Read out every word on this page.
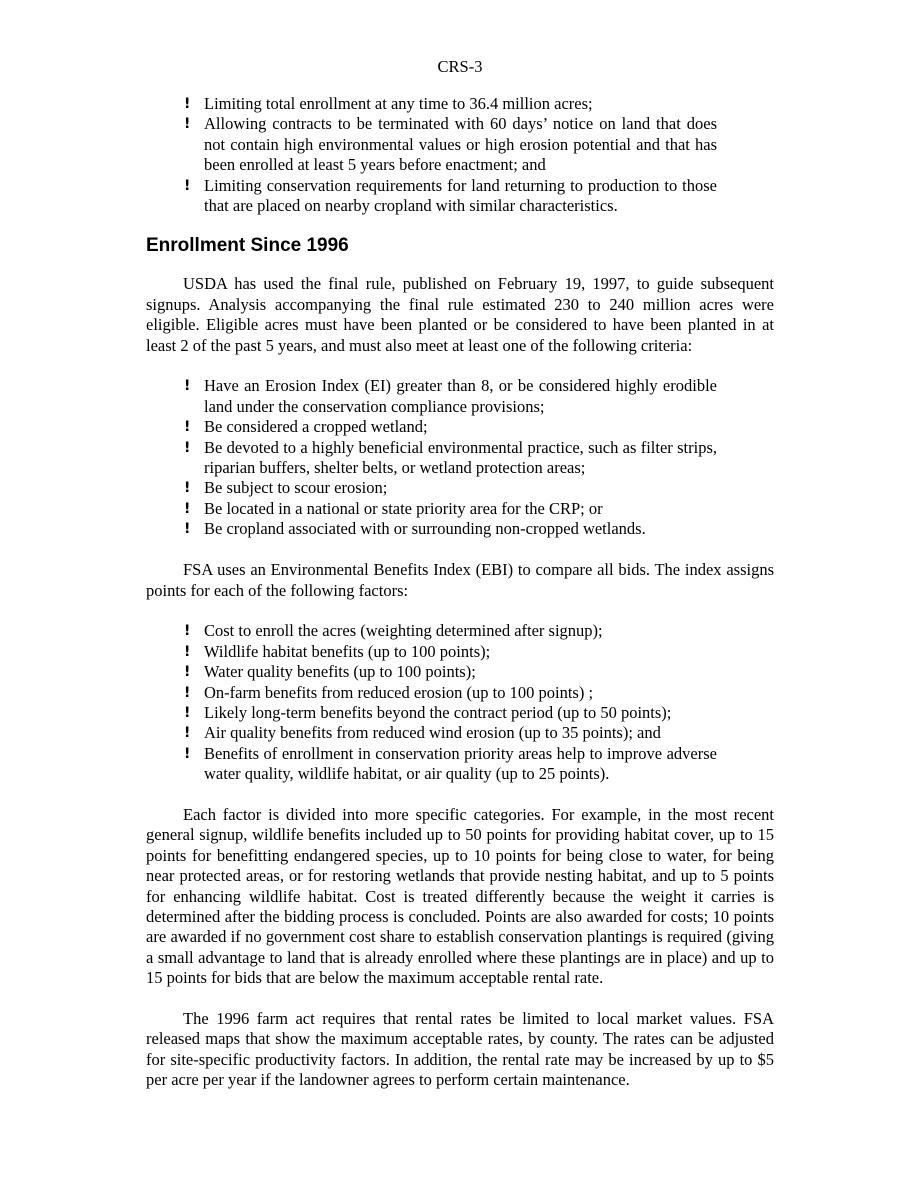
CRS-3
! Limiting total enrollment at any time to 36.4 million acres;
! Allowing contracts to be terminated with 60 days’ notice on land that does not contain high environmental values or high erosion potential and that has been enrolled at least 5 years before enactment; and
! Limiting conservation requirements for land returning to production to those that are placed on nearby cropland with similar characteristics.
Enrollment Since 1996

USDA has used the final rule, published on February 19, 1997, to guide subsequent signups. Analysis accompanying the final rule estimated 230 to 240 million acres were eligible. Eligible acres must have been planted or be considered to have been planted in at least 2 of the past 5 years, and must also meet at least one of the following criteria:

! Have an Erosion Index (EI) greater than 8, or be considered highly erodible land under the conservation compliance provisions;
! Be considered a cropped wetland;
! Be devoted to a highly beneficial environmental practice, such as filter strips, riparian buffers, shelter belts, or wetland protection areas;
! Be subject to scour erosion;
! Be located in a national or state priority area for the CRP; or
! Be cropland associated with or surrounding non-cropped wetlands.

FSA uses an Environmental Benefits Index (EBI) to compare all bids. The index assigns points for each of the following factors:

! Cost to enroll the acres (weighting determined after signup);
! Wildlife habitat benefits (up to 100 points);
! Water quality benefits (up to 100 points);
! On-farm benefits from reduced erosion (up to 100 points) ;
! Likely long-term benefits beyond the contract period (up to 50 points);
! Air quality benefits from reduced wind erosion (up to 35 points); and
! Benefits of enrollment in conservation priority areas help to improve adverse water quality, wildlife habitat, or air quality (up to 25 points).

Each factor is divided into more specific categories. For example, in the most recent general signup, wildlife benefits included up to 50 points for providing habitat cover, up to 15 points for benefitting endangered species, up to 10 points for being close to water, for being near protected areas, or for restoring wetlands that provide nesting habitat, and up to 5 points for enhancing wildlife habitat. Cost is treated differently because the weight it carries is determined after the bidding process is concluded. Points are also awarded for costs; 10 points are awarded if no government cost share to establish conservation plantings is required (giving a small advantage to land that is already enrolled where these plantings are in place) and up to 15 points for bids that are below the maximum acceptable rental rate.

The 1996 farm act requires that rental rates be limited to local market values. FSA released maps that show the maximum acceptable rates, by county. The rates can be adjusted for site-specific productivity factors. In addition, the rental rate may be increased by up to $5 per acre per year if the landowner agrees to perform certain maintenance.
